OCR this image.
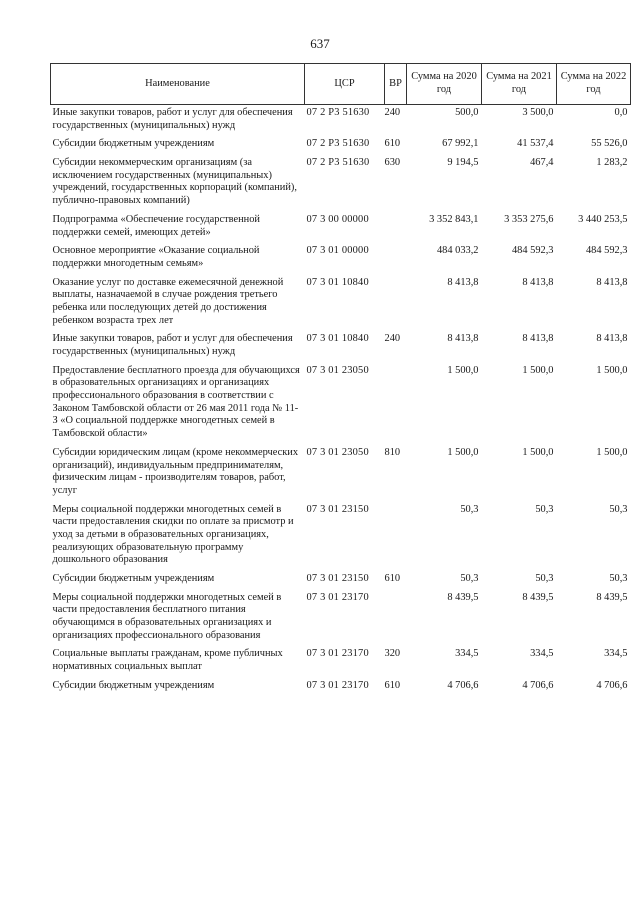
637
Наименование	ЦСР	ВР	Сумма на 2020 год	Сумма на 2021 год	Сумма на 2022 год
Иные закупки товаров, работ и услуг для обеспечения государственных (муниципальных) нужд	07 2 P3 51630	240	500,0	3 500,0	0,0
Субсидии бюджетным учреждениям	07 2 P3 51630	610	67 992,1	41 537,4	55 526,0
Субсидии некоммерческим организациям (за исключением государственных (муниципальных) учреждений, государственных корпораций (компаний), публично-правовых компаний)	07 2 P3 51630	630	9 194,5	467,4	1 283,2
Подпрограмма «Обеспечение государственной поддержки семей, имеющих детей»	07 3 00 00000		3 352 843,1	3 353 275,6	3 440 253,5
Основное мероприятие «Оказание социальной поддержки многодетным семьям»	07 3 01 00000		484 033,2	484 592,3	484 592,3
Оказание услуг по доставке ежемесячной денежной выплаты, назначаемой в случае рождения третьего ребенка или последующих детей до достижения ребенком возраста трех лет	07 3 01 10840		8 413,8	8 413,8	8 413,8
Иные закупки товаров, работ и услуг для обеспечения государственных (муниципальных) нужд	07 3 01 10840	240	8 413,8	8 413,8	8 413,8
Предоставление бесплатного проезда для обучающихся в образовательных организациях и организациях профессионального образования в соответствии с Законом Тамбовской области от 26 мая 2011 года № 11-З «О социальной поддержке многодетных семей в Тамбовской области»	07 3 01 23050		1 500,0	1 500,0	1 500,0
Субсидии юридическим лицам (кроме некоммерческих организаций), индивидуальным предпринимателям, физическим лицам - производителям товаров, работ, услуг	07 3 01 23050	810	1 500,0	1 500,0	1 500,0
Меры социальной поддержки многодетных семей в части предоставления скидки по оплате за присмотр и уход за детьми в образовательных организациях, реализующих образовательную программу дошкольного образования	07 3 01 23150		50,3	50,3	50,3
Субсидии бюджетным учреждениям	07 3 01 23150	610	50,3	50,3	50,3
Меры социальной поддержки многодетных семей в части предоставления бесплатного питания обучающимся в образовательных организациях и организациях профессионального образования	07 3 01 23170		8 439,5	8 439,5	8 439,5
Социальные выплаты гражданам, кроме публичных нормативных социальных выплат	07 3 01 23170	320	334,5	334,5	334,5
Субсидии бюджетным учреждениям	07 3 01 23170	610	4 706,6	4 706,6	4 706,6
